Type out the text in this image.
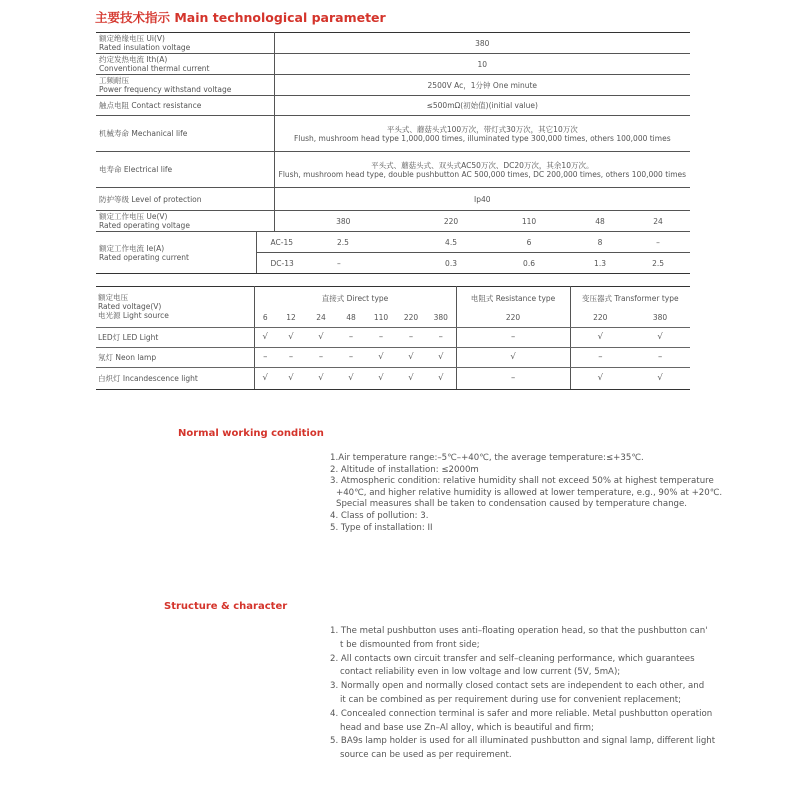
主要技术指示 Main technological parameter
额定绝缘电压 Ui(V)
Rated insulation voltage		380				

约定发热电流 Ith(A)
Conventional thermal current		10				

工频耐压
Power frequency withstand voltage		2500V Ac，1分钟 One minute				
触点电阻 Contact resistance		≤500mΩ(初始值)(initial value)				
机械寿命 Mechanical life		平头式、蘑菇头式100万次，带灯式30万次，其它10万次
Flush, mushroom head type 1,000,000 times, illuminated type 300,000 times, others 100,000 times				

电寿命 Electrical life		平头式、蘑菇头式、双头式AC50万次、DC20万次，其余10万次。
Flush, mushroom head type, double pushbutton AC 500,000 times, DC 200,000 times, others 100,000 times				

防护等级 Level of protection		Ip40				

额定工作电压 Ue(V)
Rated operating voltage		380		220	110	48 24

额定工作电流 Ie(A)
Rated operating current	AC-15		2.5	4.5	6	8 –
	DC-13		–	0.3	0.6	1.3 2.5
额定电压
Rated voltage(V)
电光源 Light source	直接式 Direct type							电阻式 Resistance type	变压器式 Transformer type	
	6	12	24	48	110	220	380	220	220	380
LED灯 LED Light	√	√	√	–	–	–	–	–	√	√
氖灯 Neon lamp	–	–	–	–	√	√	√	√	–	–
白炽灯 Incandescence light	√	√	√	√	√	√	√	–	√	√
Normal working condition
1.Air temperature range:–5℃–+40℃, the average temperature:≤+35℃.
2. Altitude of installation: ≤2000m
3. Atmospheric condition: relative humidity shall not exceed 50% at highest temperature
+40℃, and higher relative humidity is allowed at lower temperature, e.g., 90% at +20℃.
Special measures shall be taken to condensation caused by temperature change.
4. Class of pollution: 3.
5. Type of installation: II
Structure & character
1. The metal pushbutton uses anti–floating operation head, so that the pushbutton can'
t be dismounted from front side;
2. All contacts own circuit transfer and self–cleaning performance, which guarantees
contact reliability even in low voltage and low current (5V, 5mA);
3. Normally open and normally closed contact sets are independent to each other, and
it can be combined as per requirement during use for convenient replacement;
4. Concealed connection terminal is safer and more reliable. Metal pushbutton operation
head and base use Zn–Al alloy, which is beautiful and firm;
5. BA9s lamp holder is used for all illuminated pushbutton and signal lamp, different light
source can be used as per requirement.
